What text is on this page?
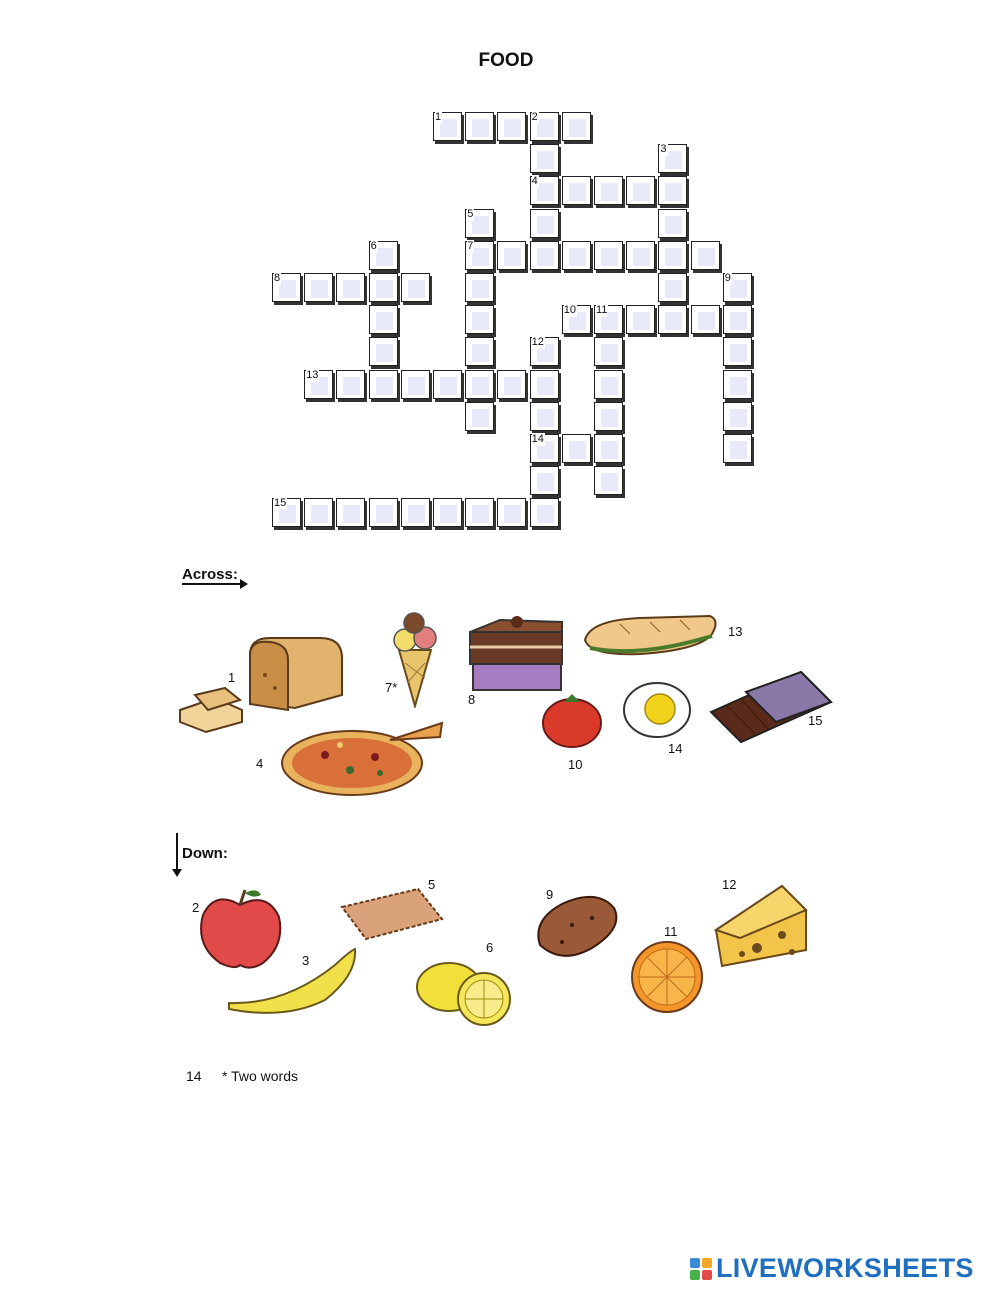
FOOD
1	2
4
3
5
7
6
8	9
10 11
12
14
13
15
Across:
1
7*
8
13
4	10
14
15
Down:
2
5
9
12
3
6
11
14 * Two words
LIVEWORKSHEETS
